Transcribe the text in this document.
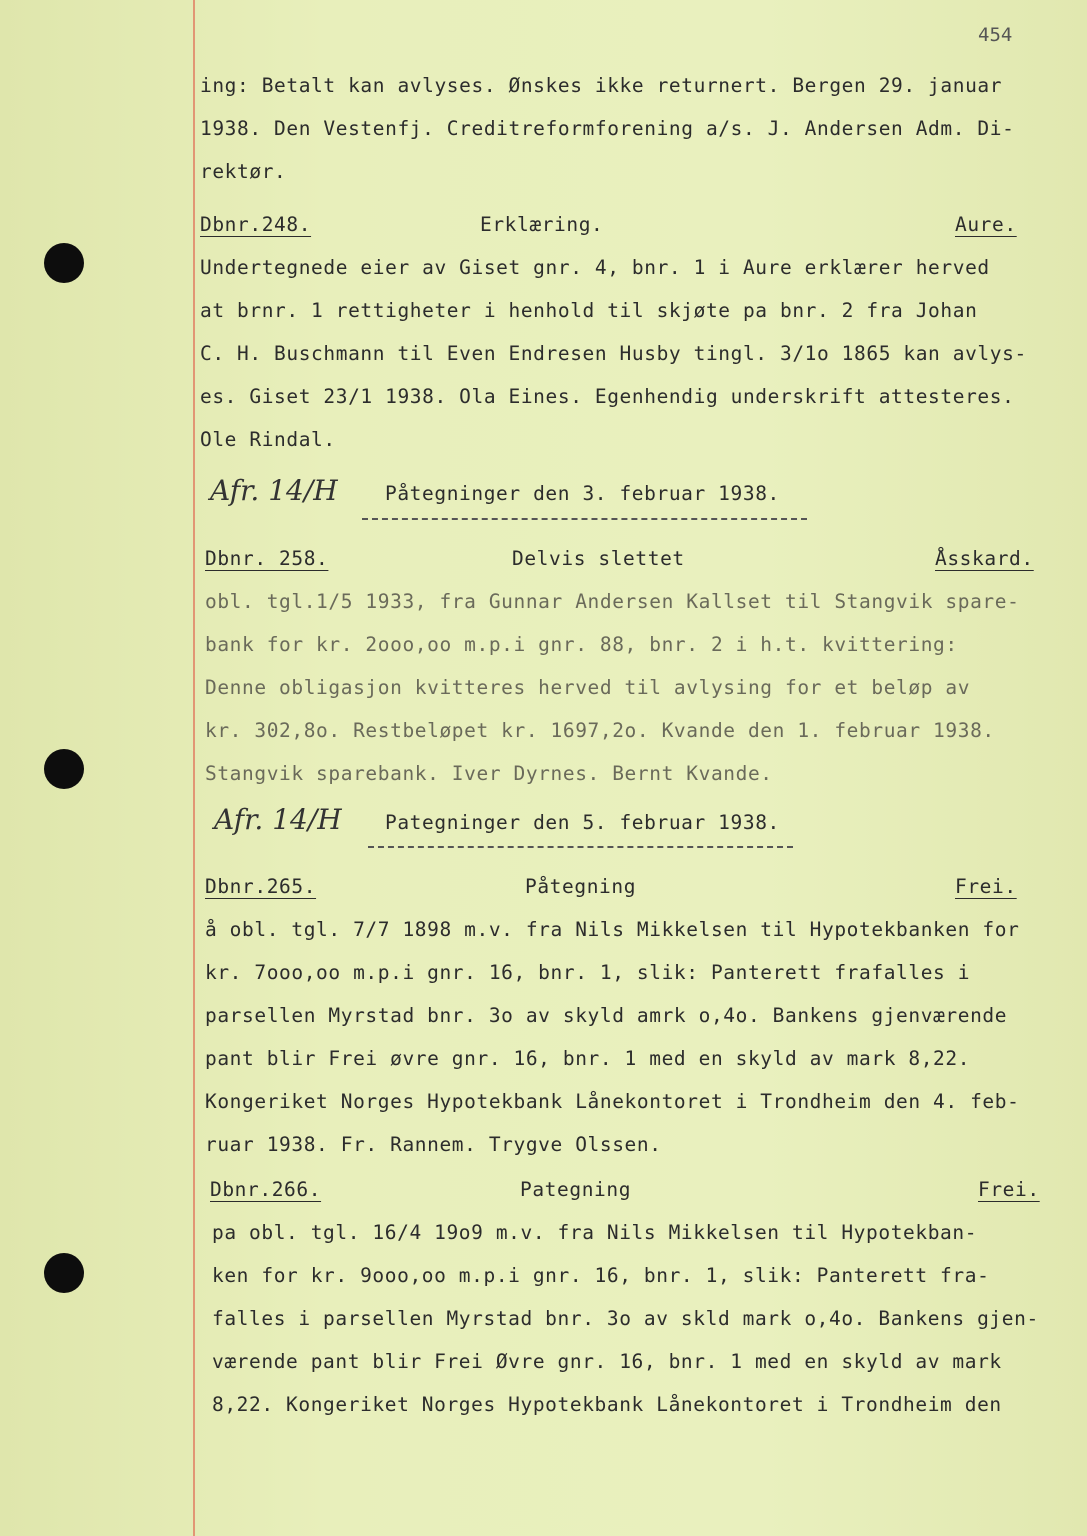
454
ing: Betalt kan avlyses. Ønskes ikke returnert. Bergen 29. januar
1938. Den Vestenfj. Creditreformforening a/s. J. Andersen Adm. Di-
rektør.
Dbnr.248.	Erklæring.	Aure.
Undertegnede eier av Giset gnr. 4, bnr. 1 i Aure erklærer herved
at brnr. 1 rettigheter i henhold til skjøte pa bnr. 2 fra Johan
C. H. Buschmann til Even Endresen Husby tingl. 3/1o 1865 kan avlys-
es. Giset 23/1 1938. Ola Eines. Egenhendig underskrift attesteres.
Ole Rindal.
Afr. 14/H Påtegninger den 3. februar 1938.
Dbnr. 258.	Delvis slettet	Åsskard.
obl. tgl.1/5 1933, fra Gunnar Andersen Kallset til Stangvik spare-
bank for kr. 2ooo,oo m.p.i gnr. 88, bnr. 2 i h.t. kvittering:
Denne obligasjon kvitteres herved til avlysing for et beløp av
kr. 302,8o. Restbeløpet kr. 1697,2o. Kvande den 1. februar 1938.
Stangvik sparebank. Iver Dyrnes. Bernt Kvande.
Afr. 14/H Pategninger den 5. februar 1938.
Dbnr.265.	Påtegning	Frei.
å obl. tgl. 7/7 1898 m.v. fra Nils Mikkelsen til Hypotekbanken for
kr. 7ooo,oo m.p.i gnr. 16, bnr. 1, slik: Panterett frafalles i
parsellen Myrstad bnr. 3o av skyld amrk o,4o. Bankens gjenværende
pant blir Frei øvre gnr. 16, bnr. 1 med en skyld av mark 8,22.
Kongeriket Norges Hypotekbank Lånekontoret i Trondheim den 4. feb-
ruar 1938. Fr. Rannem. Trygve Olssen.
Dbnr.266.	Pategning	Frei.
pa obl. tgl. 16/4 19o9 m.v. fra Nils Mikkelsen til Hypotekban-
ken for kr. 9ooo,oo m.p.i gnr. 16, bnr. 1, slik: Panterett fra-
falles i parsellen Myrstad bnr. 3o av skld mark o,4o. Bankens gjen-
værende pant blir Frei Øvre gnr. 16, bnr. 1 med en skyld av mark
8,22. Kongeriket Norges Hypotekbank Lånekontoret i Trondheim den
